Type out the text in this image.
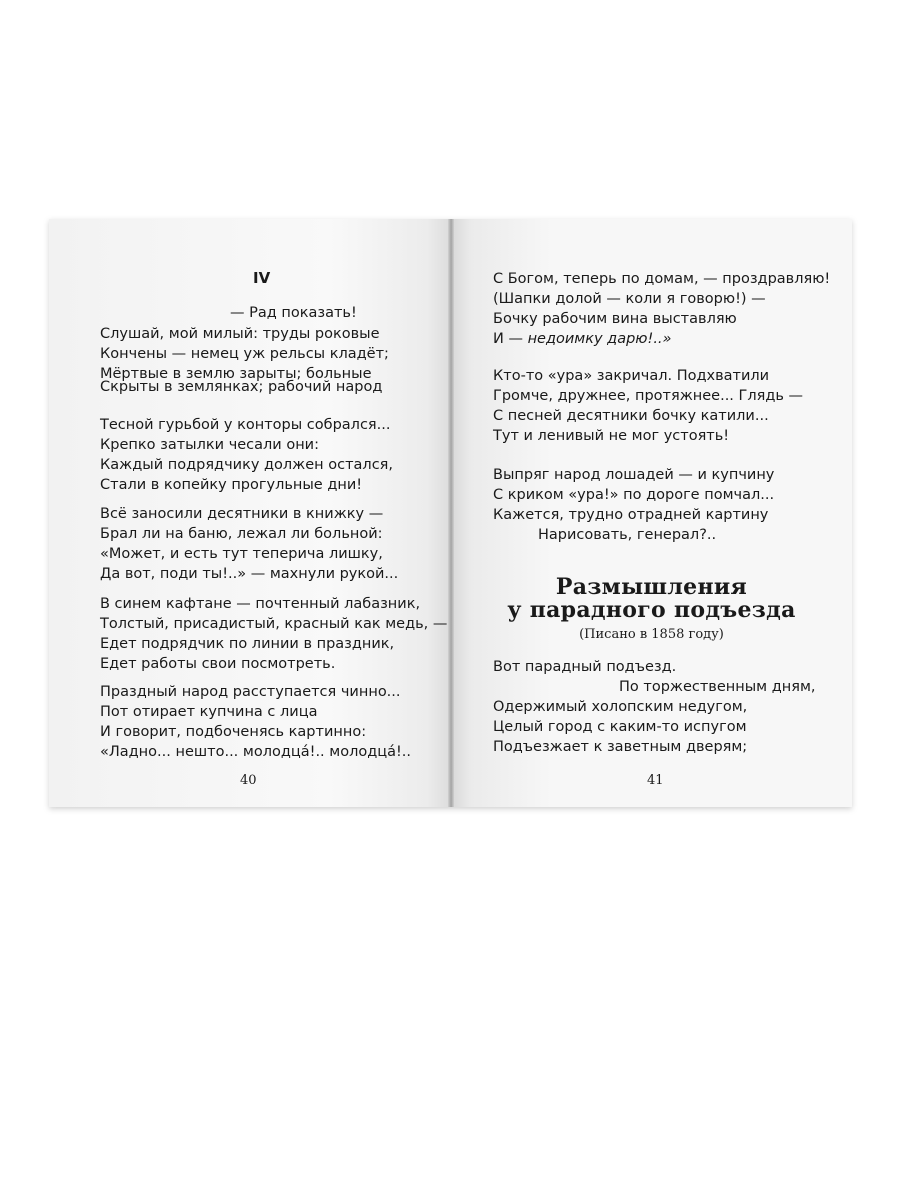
IV
— Рад показать!
Слушай, мой милый: труды роковые
Кончены — немец уж рельсы кладёт;
Мёртвые в землю зарыты; больные
Скрыты в землянках; рабочий народ
Тесной гурьбой у конторы собрался...
Крепко затылки чесали они:
Каждый подрядчику должен остался,
Стали в копейку прогульные дни!
Всё заносили десятники в книжку —
Брал ли на баню, лежал ли больной:
«Может, и есть тут теперича лишку,
Да вот, поди ты!..» — махнули рукой...
В синем кафтане — почтенный лабазник,
Толстый, присадистый, красный как медь, —
Едет подрядчик по линии в праздник,
Едет работы свои посмотреть.
Праздный народ расступается чинно...
Пот отирает купчина с лица
И говорит, подбоченясь картинно:
«Ладно... нешто... молодца́!.. молодца́!..
40
С Богом, теперь по домам, — проздравляю!
(Шапки долой — коли я говорю!) —
Бочку рабочим вина выставляю
И — недоимку дарю!..»
Кто-то «ура» закричал. Подхватили
Громче, дружнее, протяжнее... Глядь —
С песней десятники бочку катили...
Тут и ленивый не мог устоять!
Выпряг народ лошадей — и купчину
С криком «ура!» по дороге помчал...
Кажется, трудно отрадней картину
Нарисовать, генерал?..
Размышления
у парадного подъезда
(Писано в 1858 году)
Вот парадный подъезд.
По торжественным дням,
Одержимый холопским недугом,
Целый город с каким-то испугом
Подъезжает к заветным дверям;
41
